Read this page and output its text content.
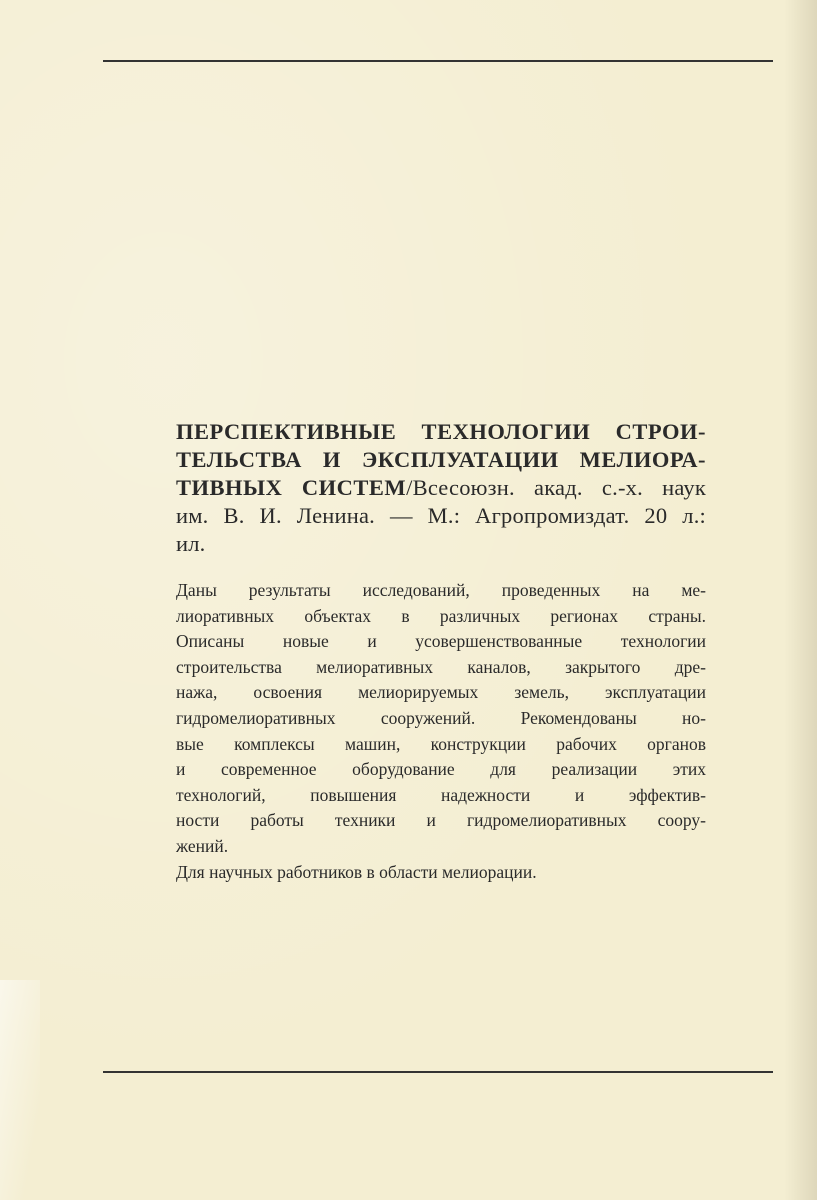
ПЕРСПЕКТИВНЫЕ ТЕХНОЛОГИИ СТРОИ-
ТЕЛЬСТВА И ЭКСПЛУАТАЦИИ МЕЛИОРА-
ТИВНЫХ СИСТЕМ/Всесоюзн. акад. с.-х. наук
им. В. И. Ленина. — М.: Агропромиздат. 20 л.:
ил.
Даны результаты исследований, проведенных на ме-
лиоративных объектах в различных регионах страны.
Описаны новые и усовершенствованные технологии
строительства мелиоративных каналов, закрытого дре-
нажа, освоения мелиорируемых земель, эксплуатации
гидромелиоративных сооружений. Рекомендованы но-
вые комплексы машин, конструкции рабочих органов
и современное оборудование для реализации этих
технологий, повышения надежности и эффектив-
ности работы техники и гидромелиоративных соору-
жений.
Для научных работников в области мелиорации.
